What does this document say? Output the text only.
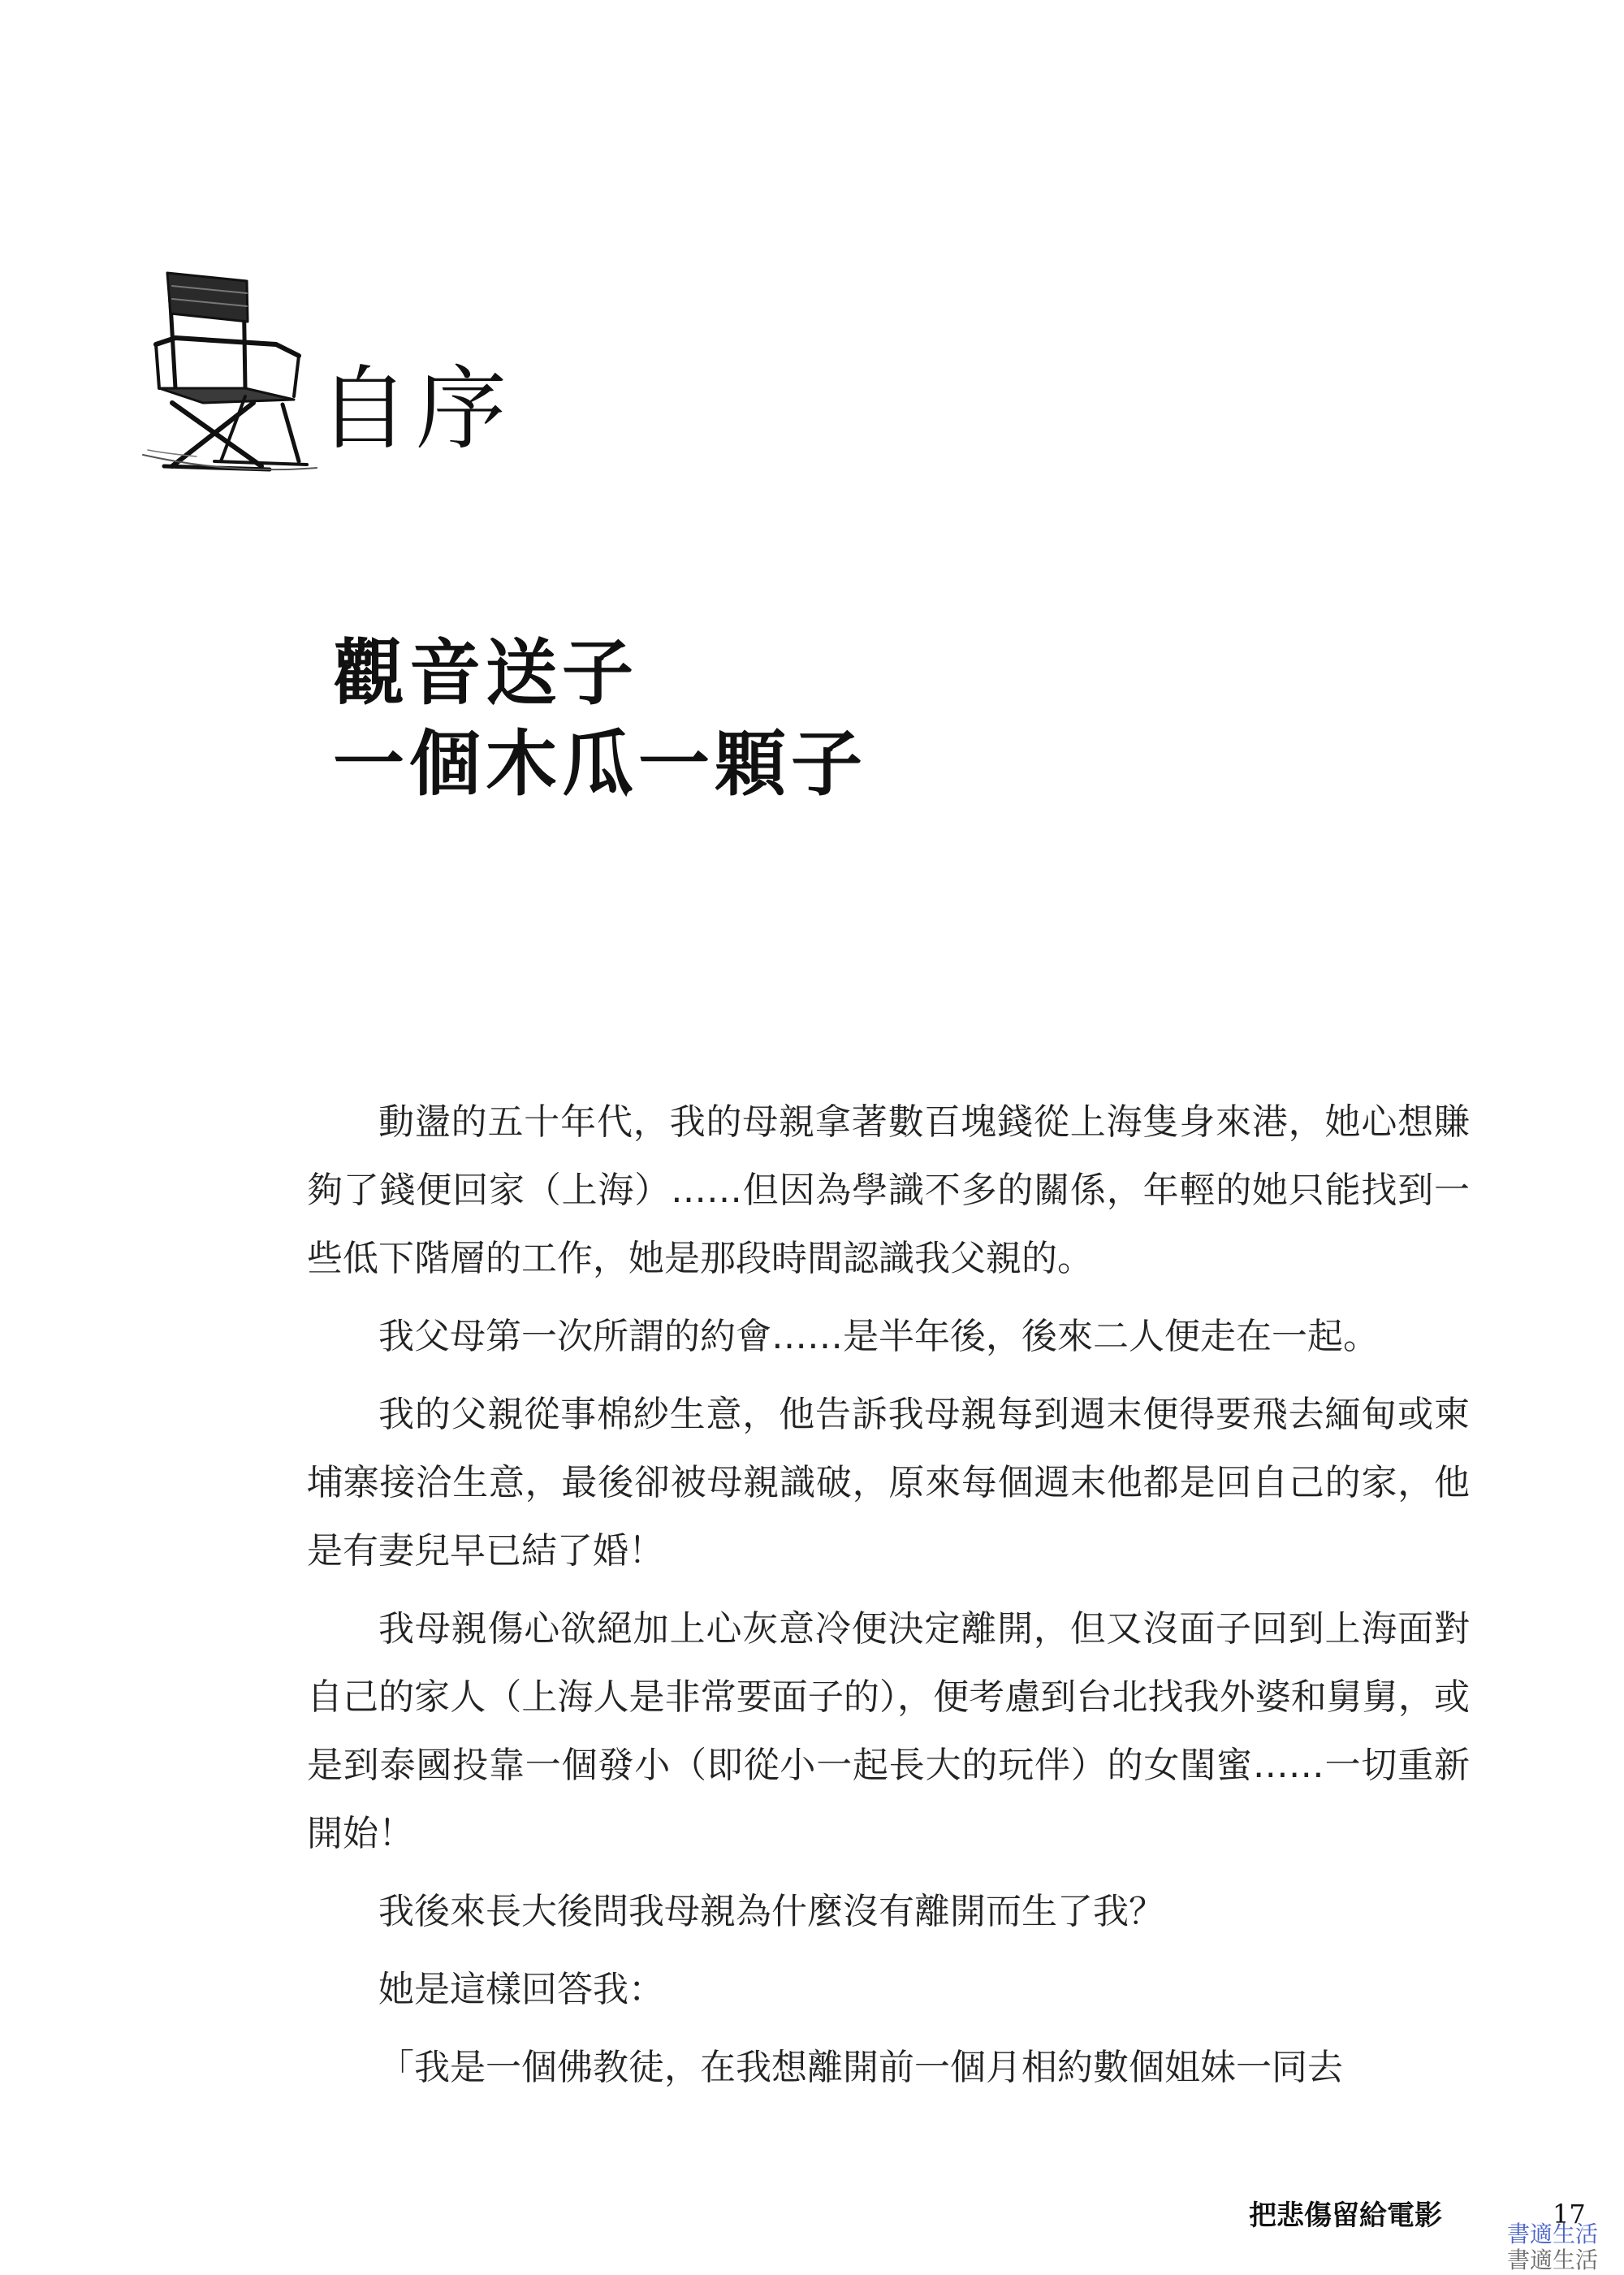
自序
觀音送子
一個木瓜一顆子

動盪的五十年代，我的母親拿著數百塊錢從上海隻身來港，她心想賺夠了錢便回家（上海）……但因為學識不多的關係，年輕的她只能找到一些低下階層的工作，她是那段時間認識我父親的。

我父母第一次所謂的約會……是半年後，後來二人便走在一起。

我的父親從事棉紗生意，他告訴我母親每到週末便得要飛去緬甸或柬埔寨接洽生意，最後卻被母親識破，原來每個週末他都是回自己的家，他是有妻兒早已結了婚！

我母親傷心欲絕加上心灰意冷便決定離開，但又沒面子回到上海面對自己的家人（上海人是非常要面子的），便考慮到台北找我外婆和舅舅，或是到泰國投靠一個發小（即從小一起長大的玩伴）的女閨蜜……一切重新開始！

我後來長大後問我母親為什麼沒有離開而生了我？

她是這樣回答我：

「我是一個佛教徒，在我想離開前一個月相約數個姐妹一同去

把悲傷留給電影	17
書適生活
書適生活
